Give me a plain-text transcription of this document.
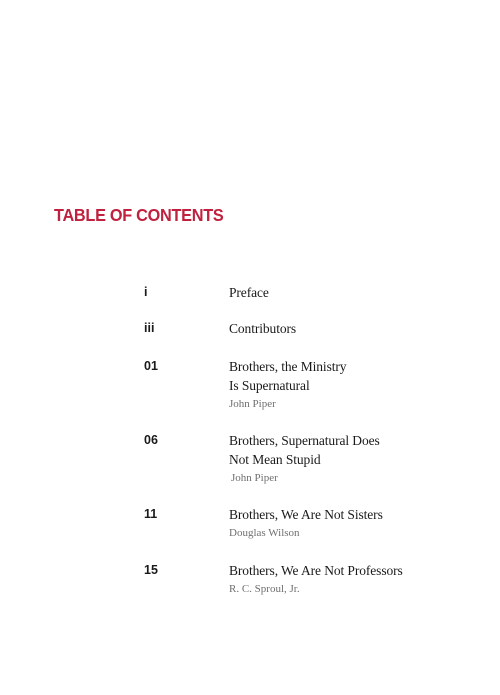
TABLE OF CONTENTS
i	Preface
iii	Contributors
01	Brothers, the Ministry
Is Supernatural
John Piper
06	Brothers, Supernatural Does
Not Mean Stupid
John Piper
11	Brothers, We Are Not Sisters
Douglas Wilson
15	Brothers, We Are Not Professors
R. C. Sproul, Jr.
